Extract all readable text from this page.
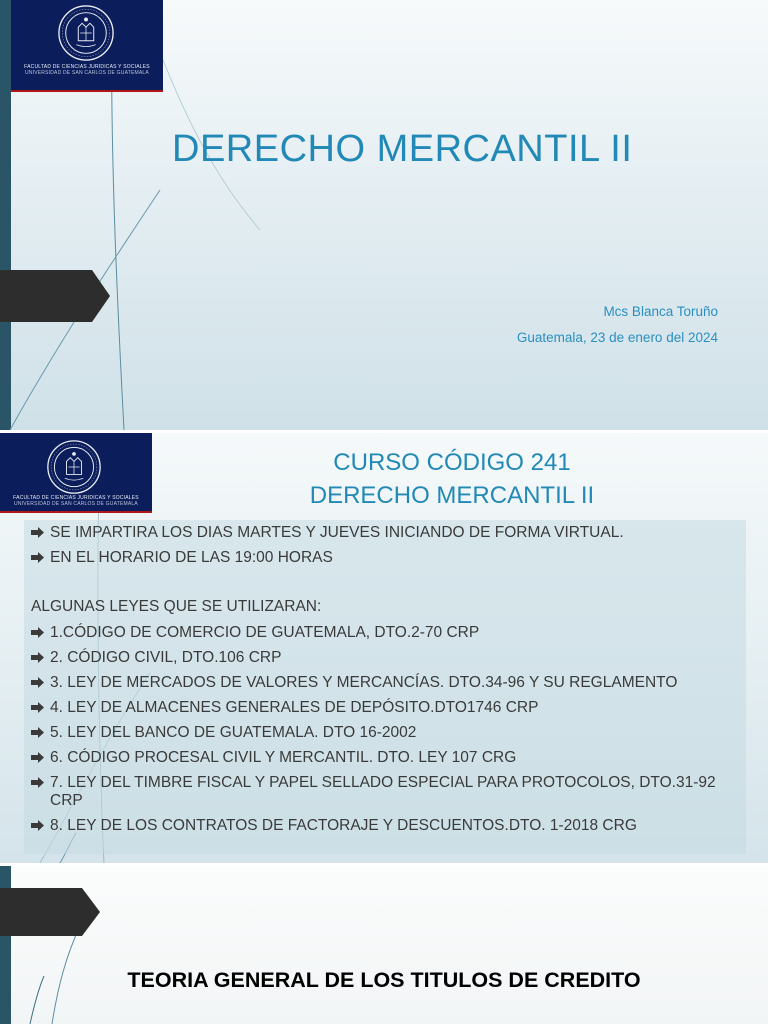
FACULTAD DE CIENCIAS JURÍDICAS Y SOCIALES
UNIVERSIDAD DE SAN CARLOS DE GUATEMALA
DERECHO MERCANTIL II
Mcs Blanca Toruño
Guatemala, 23 de enero del 2024
FACULTAD DE CIENCIAS JURÍDICAS Y SOCIALES
UNIVERSIDAD DE SAN CARLOS DE GUATEMALA
CURSO CÓDIGO 241
DERECHO MERCANTIL II
SE IMPARTIRA LOS DIAS MARTES Y JUEVES INICIANDO DE FORMA VIRTUAL.
EN EL HORARIO DE LAS 19:00 HORAS
ALGUNAS LEYES QUE SE UTILIZARAN:
1.CÓDIGO DE COMERCIO DE GUATEMALA, DTO.2-70 CRP
2. CÓDIGO CIVIL, DTO.106 CRP
3. LEY DE MERCADOS DE VALORES Y MERCANCÍAS. DTO.34-96 Y SU REGLAMENTO
4. LEY DE ALMACENES GENERALES DE DEPÓSITO.DTO1746 CRP
5. LEY DEL BANCO DE GUATEMALA. DTO 16-2002
6. CÓDIGO PROCESAL CIVIL Y MERCANTIL. DTO. LEY 107 CRG
7. LEY DEL TIMBRE FISCAL Y PAPEL SELLADO ESPECIAL PARA PROTOCOLOS, DTO.31-92 CRP
8. LEY DE LOS CONTRATOS DE FACTORAJE Y DESCUENTOS.DTO. 1-2018 CRG
TEORIA GENERAL DE LOS TITULOS DE CREDITO
